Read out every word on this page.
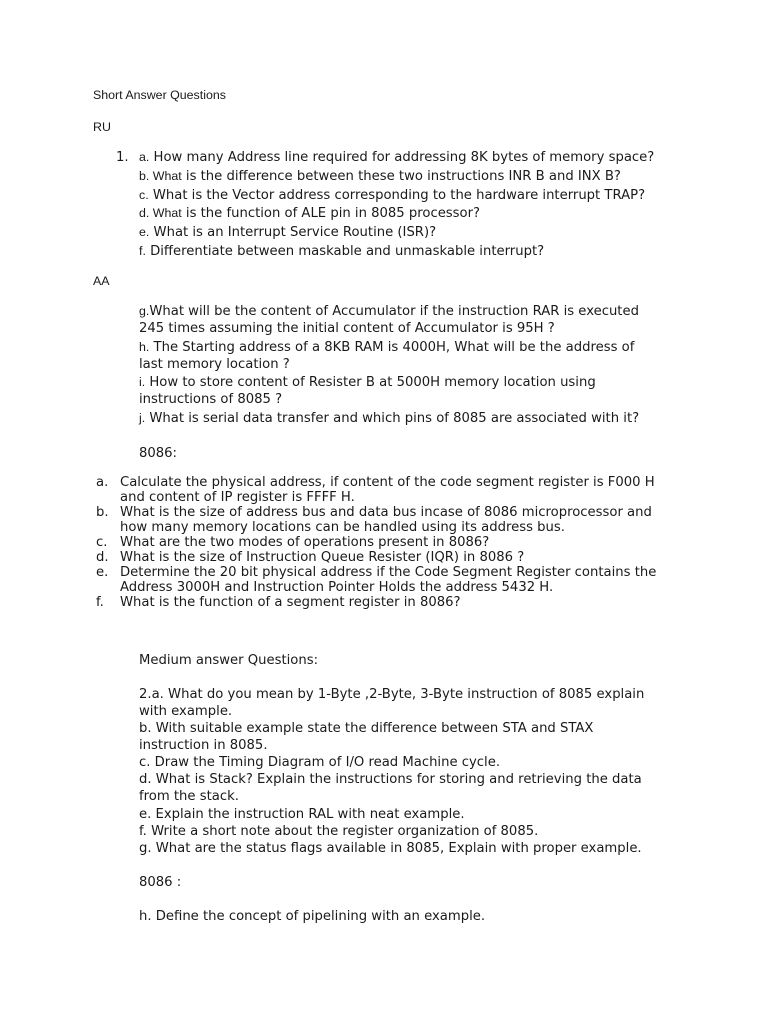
Short Answer Questions
RU
1. a. How many Address line required for addressing 8K bytes of memory space?
b. What is the difference between these two instructions INR B and INX B?
c. What is the Vector address corresponding to the hardware interrupt TRAP?
d. What is the function of ALE pin in 8085 processor?
e. What is an Interrupt Service Routine (ISR)?
f. Differentiate between maskable and unmaskable interrupt?
AA
g.What will be the content of Accumulator if the instruction RAR is executed
245 times assuming the initial content of Accumulator is 95H ?
h. The Starting address of a 8KB RAM is 4000H, What will be the address of
last memory location ?
i. How to store content of Resister B at 5000H memory location using
instructions of 8085 ?
j. What is serial data transfer and which pins of 8085 are associated with it?
8086:
a. Calculate the physical address, if content of the code segment register is F000 H
and content of IP register is FFFF H.
b. What is the size of address bus and data bus incase of 8086 microprocessor and
how many memory locations can be handled using its address bus.
c. What are the two modes of operations present in 8086?
d. What is the size of Instruction Queue Resister (IQR) in 8086 ?
e. Determine the 20 bit physical address if the Code Segment Register contains the
Address 3000H and Instruction Pointer Holds the address 5432 H.
f. What is the function of a segment register in 8086?
Medium answer Questions:
2.a. What do you mean by 1-Byte ,2-Byte, 3-Byte instruction of 8085 explain
with example.
b. With suitable example state the difference between STA and STAX
instruction in 8085.
c. Draw the Timing Diagram of I/O read Machine cycle.
d. What is Stack? Explain the instructions for storing and retrieving the data
from the stack.
e. Explain the instruction RAL with neat example.
f. Write a short note about the register organization of 8085.
g. What are the status flags available in 8085, Explain with proper example.
8086 :
h. Define the concept of pipelining with an example.
